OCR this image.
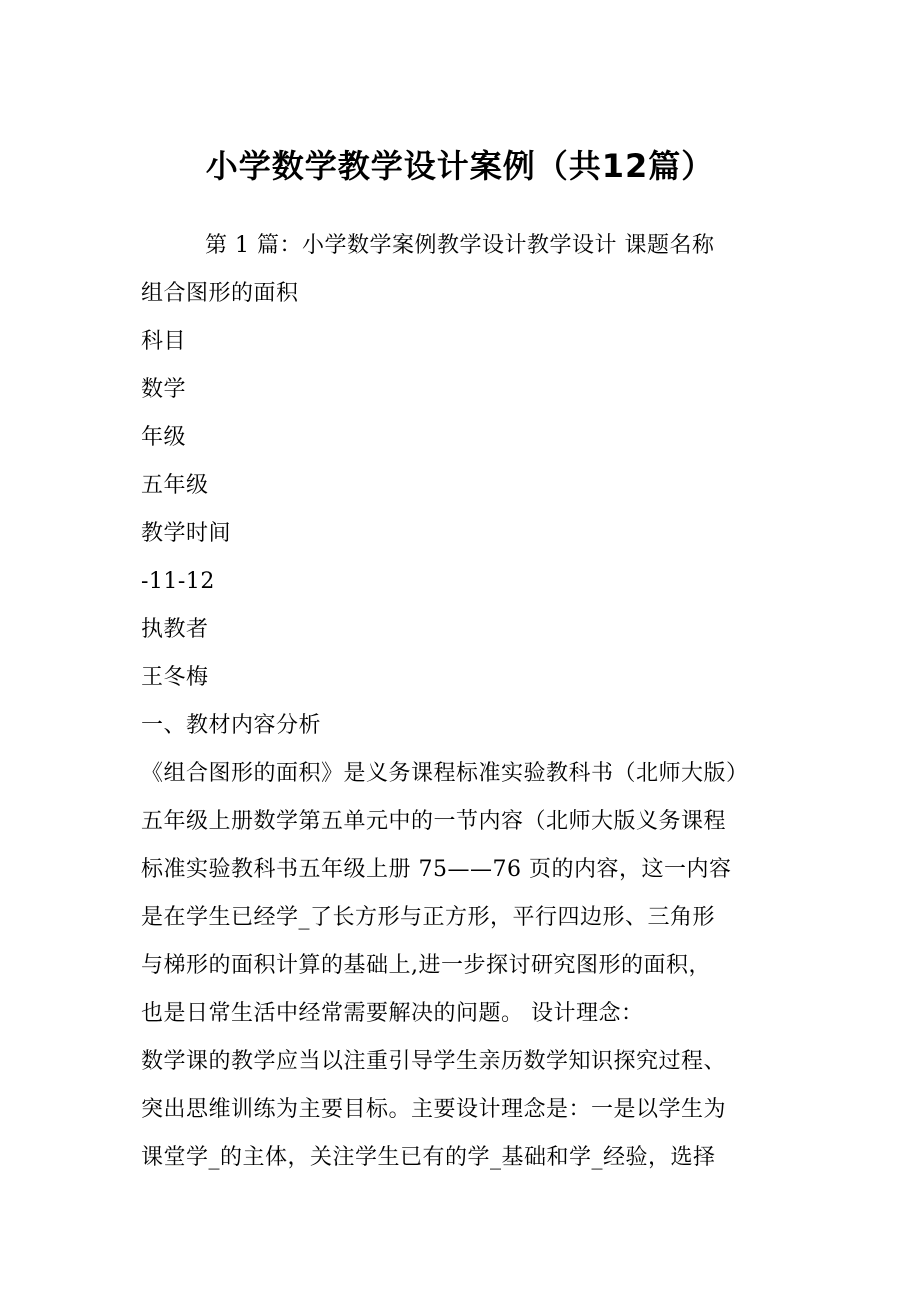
小学数学教学设计案例（共12篇）
第 1 篇：小学数学案例教学设计教学设计 课题名称
组合图形的面积
科目
数学
年级
五年级
教学时间
-11-12
执教者
王冬梅
一、教材内容分析
《组合图形的面积》是义务课程标准实验教科书（北师大版）
五年级上册数学第五单元中的一节内容（北师大版义务课程
标准实验教科书五年级上册 75——76 页的内容，这一内容
是在学生已经学_了长方形与正方形，平行四边形、三角形
与梯形的面积计算的基础上,进一步探讨研究图形的面积，
也是日常生活中经常需要解决的问题。 设计理念：
数学课的教学应当以注重引导学生亲历数学知识探究过程、
突出思维训练为主要目标。主要设计理念是：一是以学生为
课堂学_的主体，关注学生已有的学_基础和学_经验，选择
